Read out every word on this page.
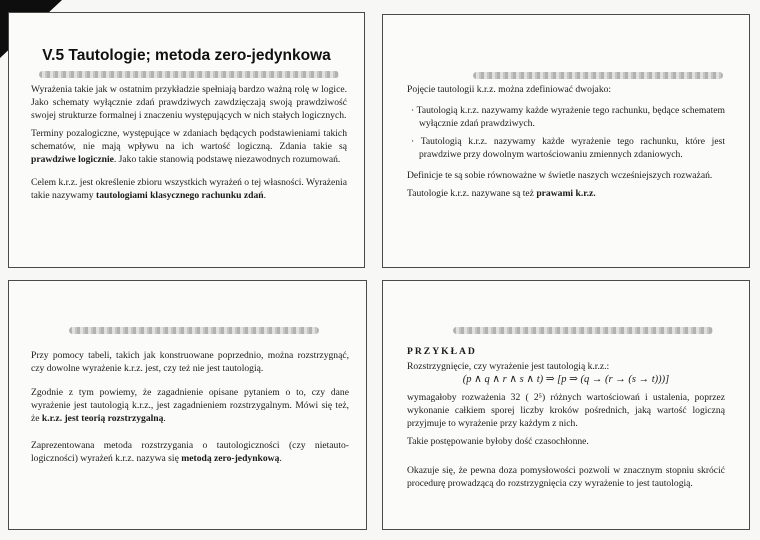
V.5 Tautologie; metoda zero-jedynkowa

Wyrażenia takie jak w ostatnim przykładzie spełniają bardzo ważną rolę w logice. Jako schematy wyłącznie zdań prawdziwych zawdzięczają swoją prawdziwość swojej strukturze formalnej i znaczeniu występujących w nich stałych logicznych.

Terminy pozalogiczne, występujące w zdaniach będących podstawieniami takich schematów, nie mają wpływu na ich wartość logiczną. Zdania takie są prawdziwe logicznie. Jako takie stanowią podstawę niezawodnych rozumowań.

Celem k.r.z. jest określenie zbioru wszystkich wyrażeń o tej własności. Wyrażenia takie nazywamy tautologiami klasycznego rachunku zdań.

Pojęcie tautologii k.r.z. można zdefiniować dwojako:

· Tautologią k.r.z. nazywamy każde wyrażenie tego rachunku, będące schematem wyłącznie zdań prawdziwych.

· Tautologią k.r.z. nazywamy każde wyrażenie tego rachunku, które jest prawdziwe przy dowolnym wartościowaniu zmiennych zdaniowych.

Definicje te są sobie równoważne w świetle naszych wcześniejszych rozważań.

Tautologie k.r.z. nazywane są też prawami k.r.z.

Przy pomocy tabeli, takich jak konstruowane poprzednio, można rozstrzygnąć, czy dowolne wyrażenie k.r.z. jest, czy też nie jest tautologią.

Zgodnie z tym powiemy, że zagadnienie opisane pytaniem o to, czy dane wyrażenie jest tautologią k.r.z., jest zagadnieniem rozstrzygalnym. Mówi się też, że k.r.z. jest teorią rozstrzygalną.

Zaprezentowana metoda rozstrzygania o tautologiczności (czy nietauto-logiczności) wyrażeń k.r.z. nazywa się metodą zero-jedynkową.

PRZYKŁAD

Rozstrzygnięcie, czy wyrażenie jest tautologią k.r.z.:

(p ∧ q ∧ r ∧ s ∧ t) ⇒ [p ⇒ (q → (r → (s → t)))]

wymagałoby rozważenia 32 ( 2⁵) różnych wartościowań i ustalenia, poprzez wykonanie całkiem sporej liczby kroków pośrednich, jaką wartość logiczną przyjmuje to wyrażenie przy każdym z nich.

Takie postępowanie byłoby dość czasochłonne.

Okazuje się, że pewna doza pomysłowości pozwoli w znacznym stopniu skrócić procedurę prowadzącą do rozstrzygnięcia czy wyrażenie to jest tautologią.
